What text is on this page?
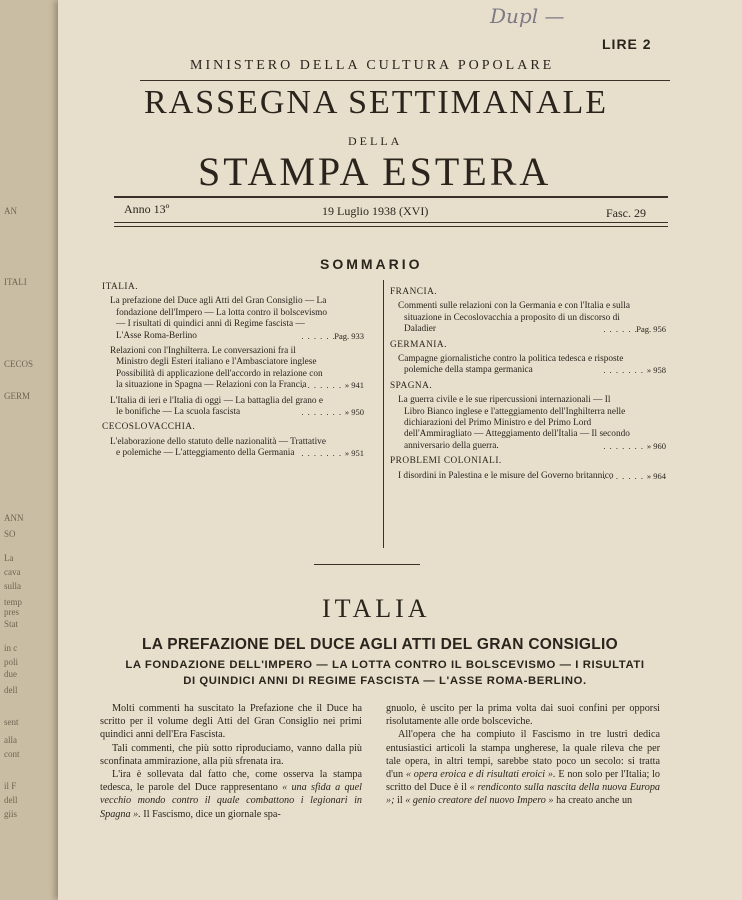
AN
ITALI
CECOS
GERM
ANN
SO
La
cava
sulla
temp
pres
Stat
in c
poli
due
dell
sent
alla
cont
il F
dell
giis
Dupl —
LIRE 2
MINISTERO DELLA CULTURA POPOLARE
RASSEGNA SETTIMANALE
DELLA
STAMPA ESTERA
Anno 13º	19 Luglio 1938 (XVI)	Fasc. 29
SOMMARIO
ITALIA.
La prefazione del Duce agli Atti del Gran Consiglio — La fondazione dell'Impero — La lotta contro il bolscevismo — I risultati di quindici anni di Regime fascista — L'Asse Roma-Berlino	. . . . . . .
Pag. 933
Relazioni con l'Inghilterra. Le conversazioni fra il Ministro degli Esteri italiano e l'Ambasciatore inglese Possibilità di applicazione dell'accordo in relazione con la situazione in Spagna — Relazioni con la Francia
. . . . . . . » 941
L'Italia di ieri e l'Italia di oggi — La battaglia del grano e le bonifiche — La scuola fascista	. . . . . . . » 950
CECOSLOVACCHIA.
L'elaborazione dello statuto delle nazionalità — Trattative e polemiche — L'atteggiamento della Germania . . . . . . . » 951
FRANCIA.
Commenti sulle relazioni con la Germania e con l'Italia e sulla situazione in Cecoslovacchia a proposito di un discorso di Daladier	. . . . . . .
Pag. 956
GERMANIA.
Campagne giornalistiche contro la politica tedesca e risposte polemiche della stampa germanica	. . . . . . . » 958
SPAGNA.
La guerra civile e le sue ripercussioni internazionali — Il Libro Bianco inglese e l'atteggiamento dell'Inghilterra nelle dichiarazioni del Primo Ministro e del Primo Lord dell'Ammiragliato — Atteggiamento dell'Italia — Il secondo anniversario della guerra.	. . . . . . . » 960
PROBLEMI COLONIALI.
I disordini in Palestina e le misure del Governo britannico
. . . . . . . » 964
ITALIA
LA PREFAZIONE DEL DUCE AGLI ATTI DEL GRAN CONSIGLIO
LA FONDAZIONE DELL'IMPERO — LA LOTTA CONTRO IL BOLSCEVISMO — I RISULTATI
DI QUINDICI ANNI DI REGIME FASCISTA — L'ASSE ROMA-BERLINO.

Molti commenti ha suscitato la Prefazione che il Duce ha scritto per il volume degli Atti del Gran Consiglio nei primi quindici anni dell'Era Fascista.

Tali commenti, che più sotto riproduciamo, vanno dalla più sconfinata ammirazione, alla più sfrenata ira.

L'ira è sollevata dal fatto che, come osserva la stampa tedesca, le parole del Duce rappresentano « una sfida a quel vecchio mondo contro il quale combattono i legionari in Spagna ». Il Fascismo, dice un giornale spa-

gnuolo, è uscito per la prima volta dai suoi confini per opporsi risolutamente alle orde bolsceviche.

All'opera che ha compiuto il Fascismo in tre lustri dedica entusiastici articoli la stampa ungherese, la quale rileva che per tale opera, in altri tempi, sarebbe stato poco un secolo: si tratta d'un « opera eroica e di risultati eroici ». E non solo per l'Italia; lo scritto del Duce è il « rendiconto sulla nascita della nuova Europa »; il « genio creatore del nuovo Impero » ha creato anche un
